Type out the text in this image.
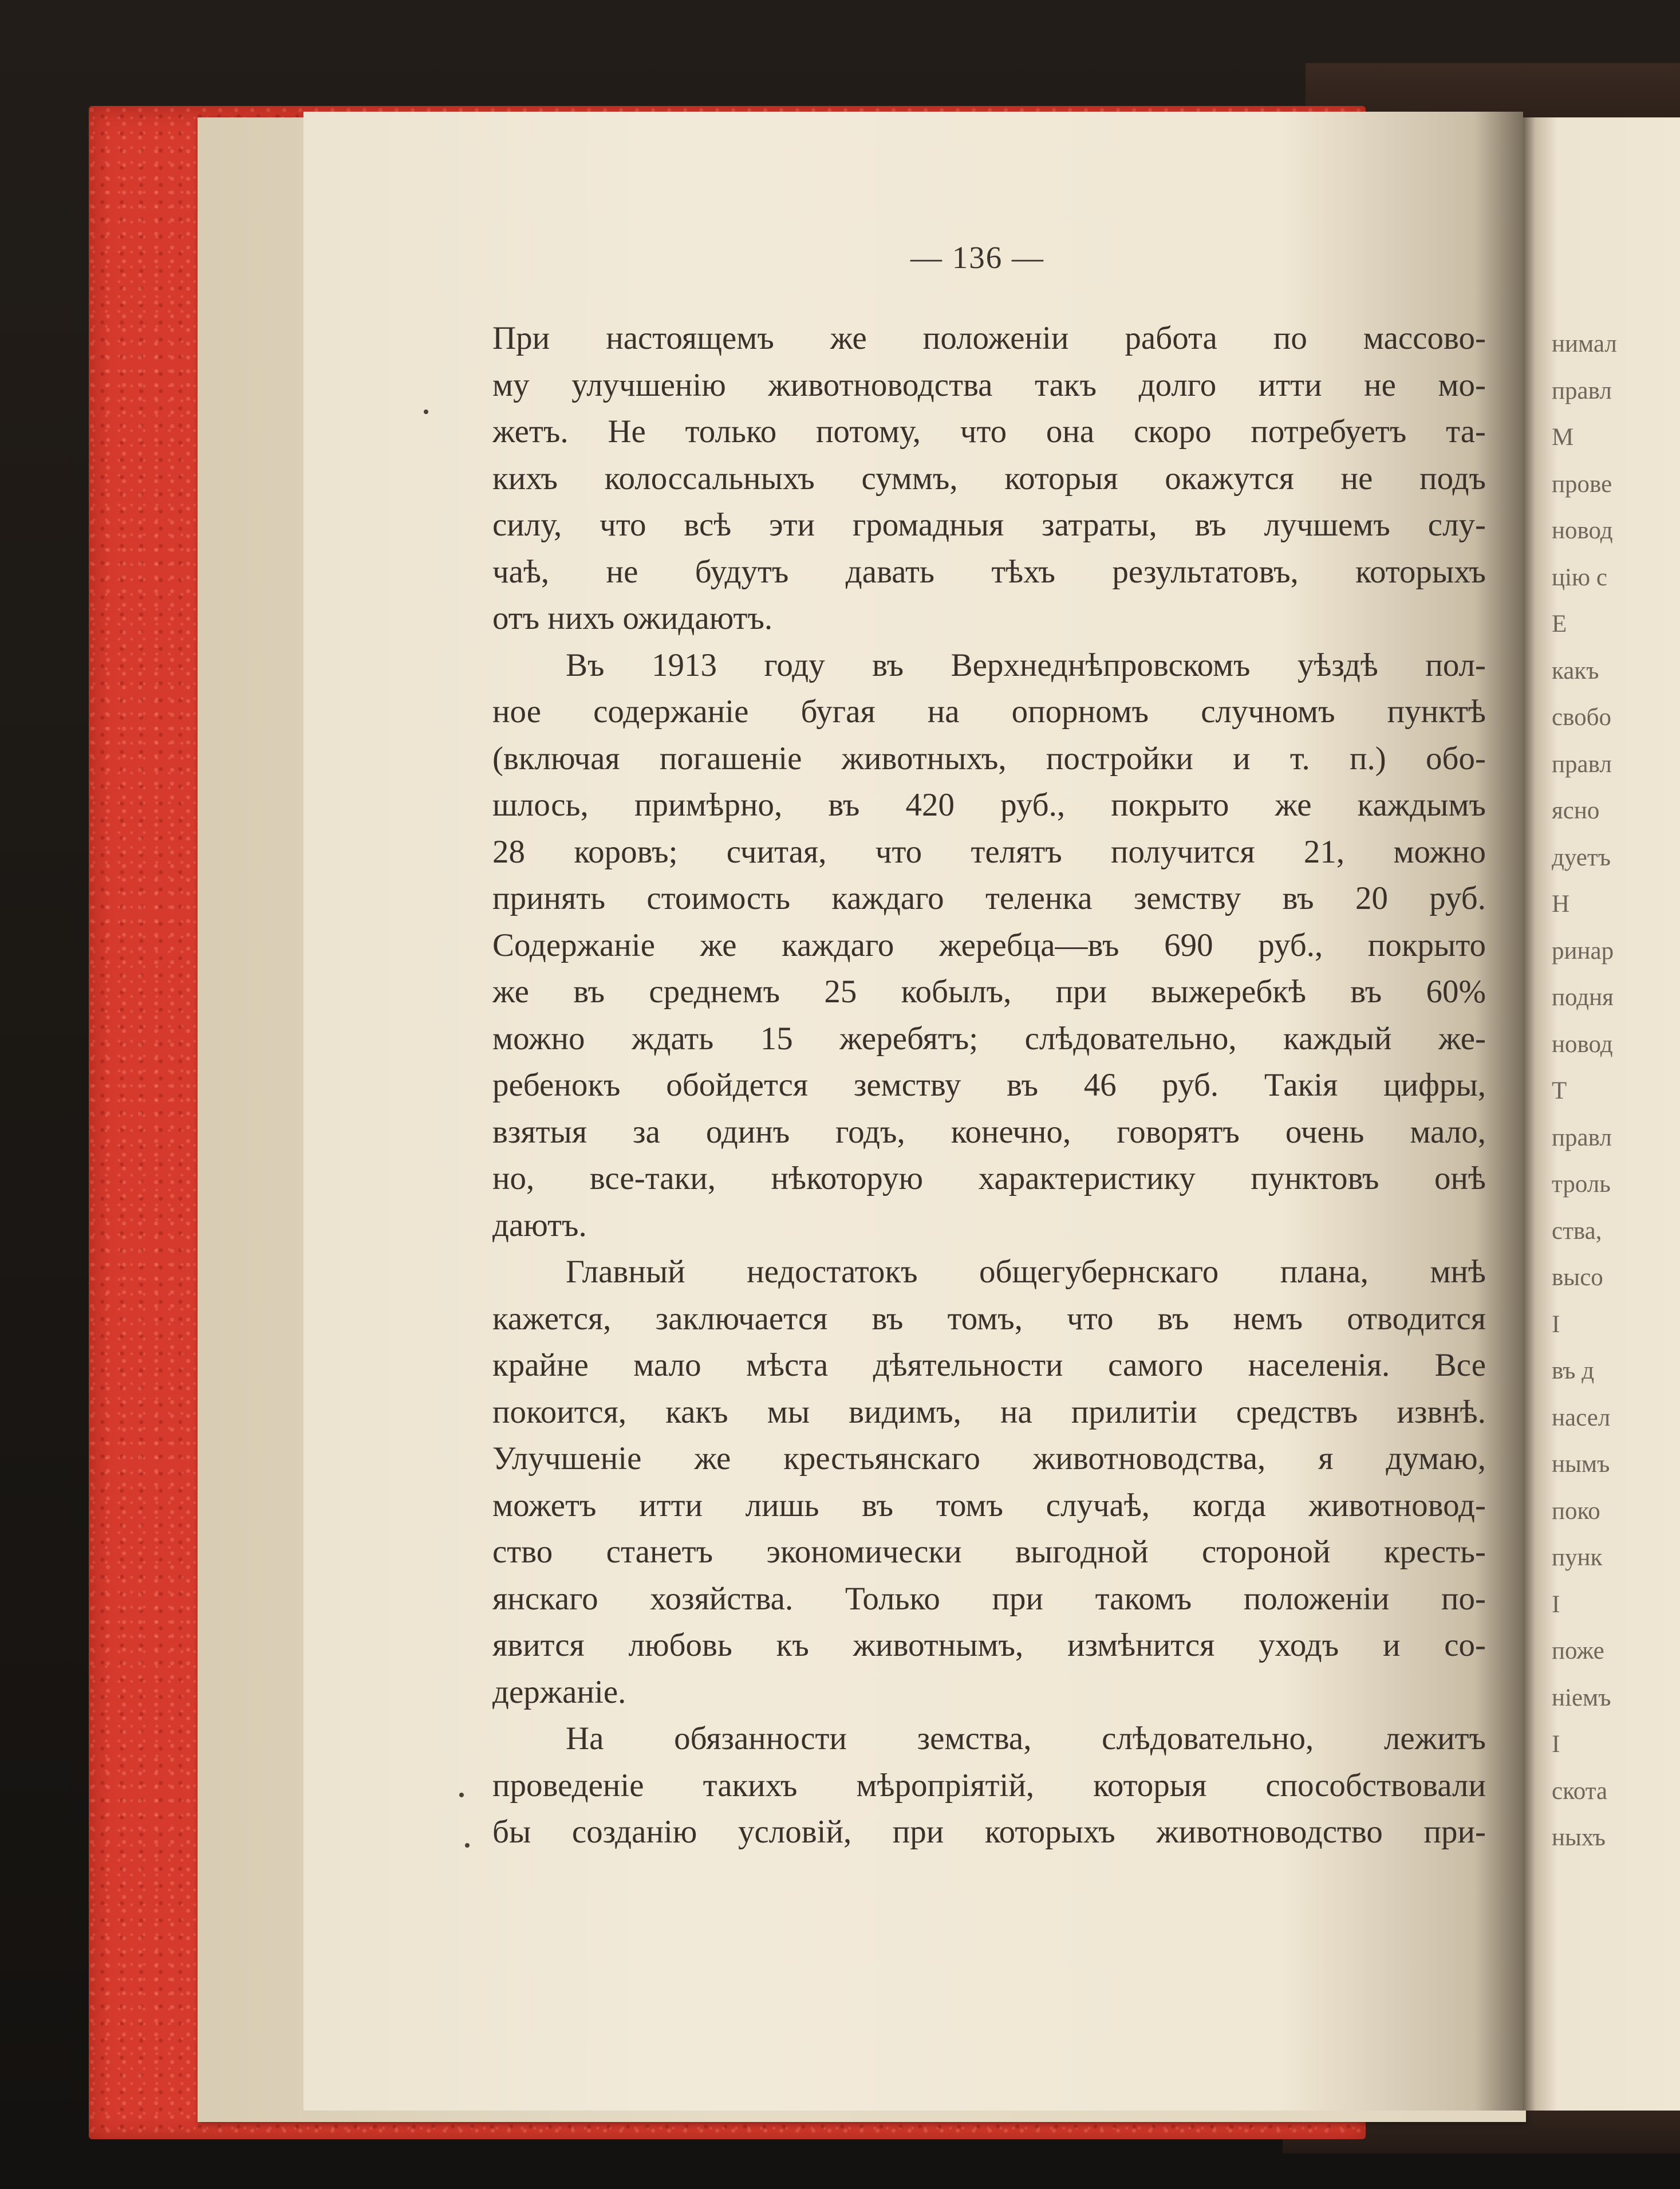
нимал
правл
М
прове
новод
цію с
Е
какъ
свобо
правл
ясно
дуетъ
Н
ринар
подня
новод
Т
правл
троль
ства,
высо
I
въ д
насел
нымъ
поко
пунк
I
поже
ніемъ
I
скота
ныхъ
— 136 —
При настоящемъ же положеніи работа по массово-
му улучшенію животноводства такъ долго итти не мо-
жетъ. Не только потому, что она скоро потребуетъ та-
кихъ колоссальныхъ суммъ, которыя окажутся не подъ
силу, что всѣ эти громадныя затраты, въ лучшемъ слу-
чаѣ, не будутъ давать тѣхъ результатовъ, которыхъ
отъ нихъ ожидаютъ.
Въ 1913 году въ Верхнеднѣпровскомъ уѣздѣ пол-
ное содержаніе бугая на опорномъ случномъ пунктѣ
(включая погашеніе животныхъ, постройки и т. п.) обо-
шлось, примѣрно, въ 420 руб., покрыто же каждымъ
28 коровъ; считая, что телятъ получится 21, можно
принять стоимость каждаго теленка земству въ 20 руб.
Содержаніе же каждаго жеребца—въ 690 руб., покрыто
же въ среднемъ 25 кобылъ, при выжеребкѣ въ 60%
можно ждать 15 жеребятъ; слѣдовательно, каждый же-
ребенокъ обойдется земству въ 46 руб. Такія цифры,
взятыя за одинъ годъ, конечно, говорятъ очень мало,
но, все-таки, нѣкоторую характеристику пунктовъ онѣ
даютъ.
Главный недостатокъ общегубернскаго плана, мнѣ
кажется, заключается въ томъ, что въ немъ отводится
крайне мало мѣста дѣятельности самого населенія. Все
покоится, какъ мы видимъ, на прилитіи средствъ извнѣ.
Улучшеніе же крестьянскаго животноводства, я думаю,
можетъ итти лишь въ томъ случаѣ, когда животновод-
ство станетъ экономически выгодной стороной кресть-
янскаго хозяйства. Только при такомъ положеніи по-
явится любовь къ животнымъ, измѣнится уходъ и со-
держаніе.
На обязанности земства, слѣдовательно, лежитъ
проведеніе такихъ мѣропріятій, которыя способствовали
бы созданію условій, при которыхъ животноводство при-
